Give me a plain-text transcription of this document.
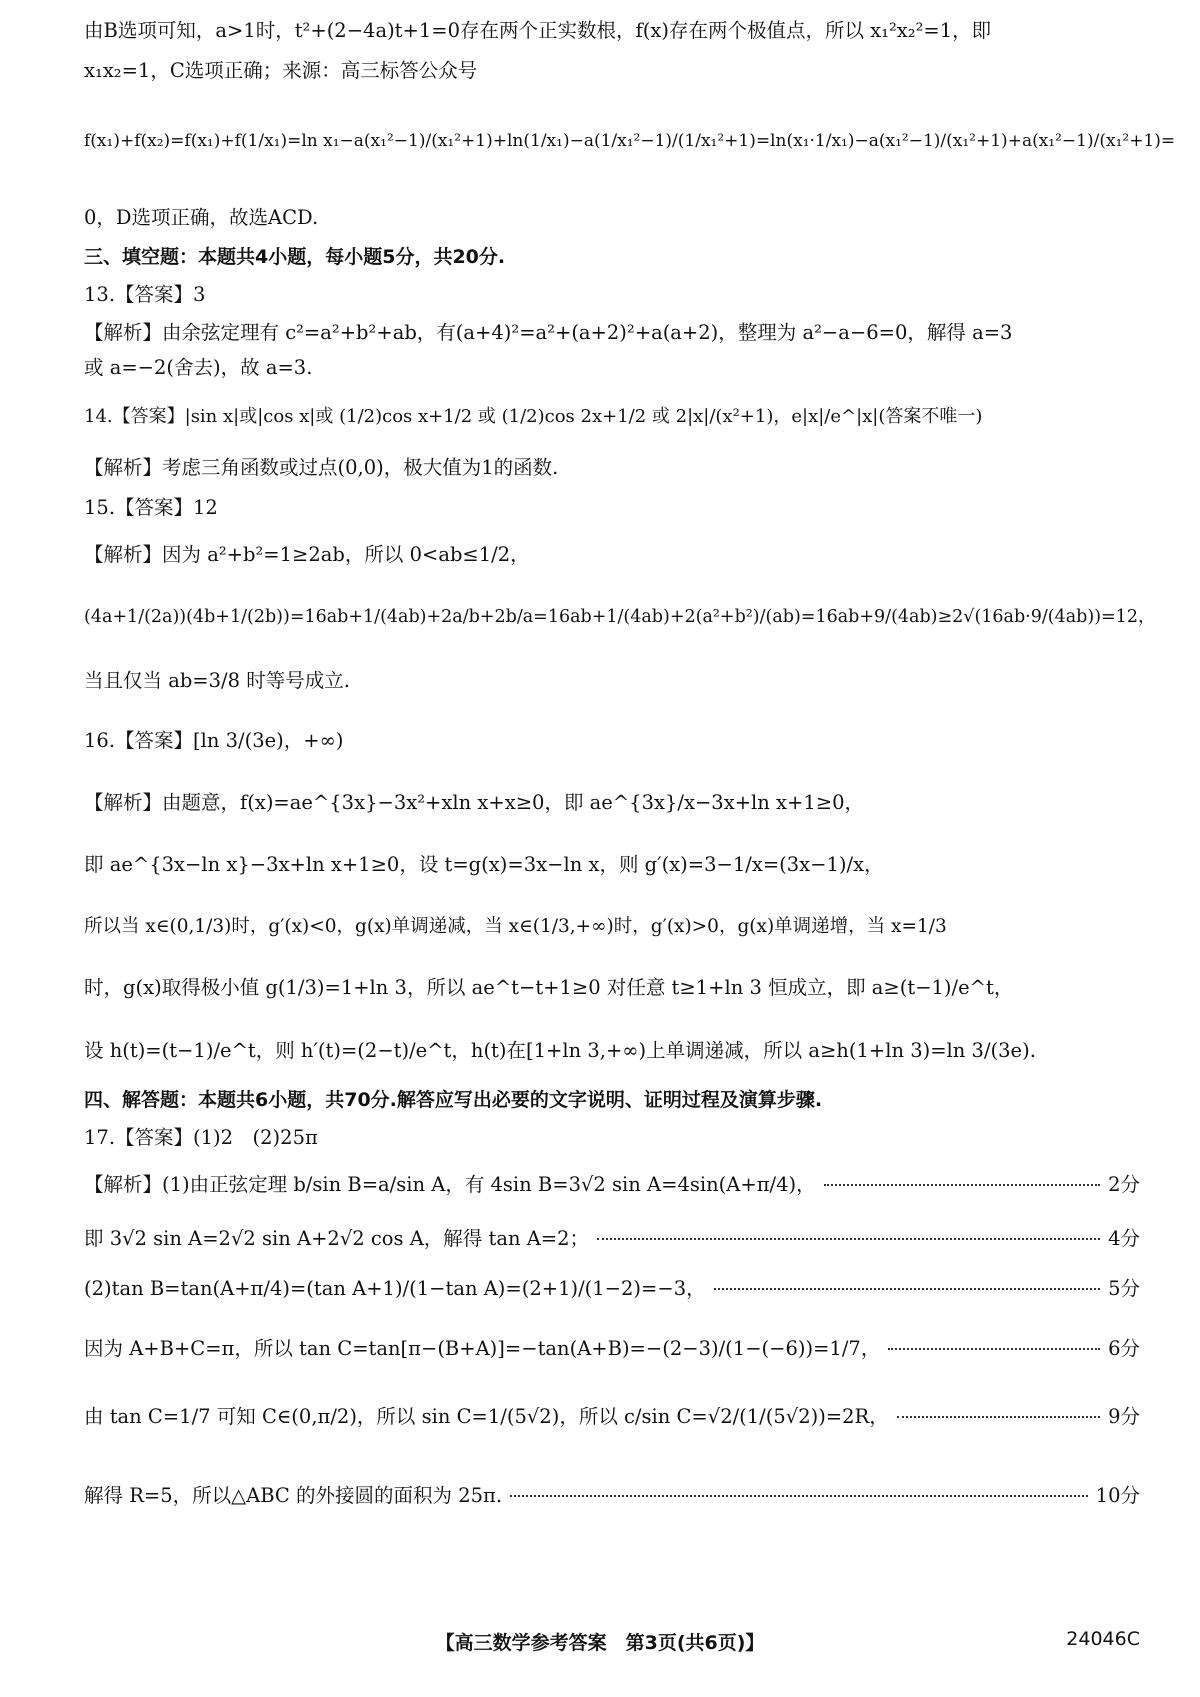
由B选项可知，a>1时，t²+(2−4a)t+1=0存在两个正实数根，f(x)存在两个极值点，所以 x₁²x₂²=1，即
x₁x₂=1，C选项正确；来源：高三标答公众号
f(x₁)+f(x₂)=f(x₁)+f(1/x₁)=ln x₁−a(x₁²−1)/(x₁²+1)+ln(1/x₁)−a(1/x₁²−1)/(1/x₁²+1)=ln(x₁·1/x₁)−a(x₁²−1)/(x₁²+1)+a(x₁²−1)/(x₁²+1)=
0，D选项正确，故选ACD.
三、填空题：本题共4小题，每小题5分，共20分.
13.【答案】3
【解析】由余弦定理有 c²=a²+b²+ab，有(a+4)²=a²+(a+2)²+a(a+2)，整理为 a²−a−6=0，解得 a=3
或 a=−2(舍去)，故 a=3.
14.【答案】|sin x|或|cos x|或 (1/2)cos x+1/2 或 (1/2)cos 2x+1/2 或 2|x|/(x²+1)，e|x|/e^|x|(答案不唯一)
【解析】考虑三角函数或过点(0,0)，极大值为1的函数.
15.【答案】12
【解析】因为 a²+b²=1≥2ab，所以 0<ab≤1/2，
(4a+1/(2a))(4b+1/(2b))=16ab+1/(4ab)+2a/b+2b/a=16ab+1/(4ab)+2(a²+b²)/(ab)=16ab+9/(4ab)≥2√(16ab·9/(4ab))=12，
当且仅当 ab=3/8 时等号成立.
16.【答案】[ln 3/(3e)，+∞)
【解析】由题意，f(x)=ae^{3x}−3x²+xln x+x≥0，即 ae^{3x}/x−3x+ln x+1≥0，
即 ae^{3x−ln x}−3x+ln x+1≥0，设 t=g(x)=3x−ln x，则 g′(x)=3−1/x=(3x−1)/x，
所以当 x∈(0,1/3)时，g′(x)<0，g(x)单调递减，当 x∈(1/3,+∞)时，g′(x)>0，g(x)单调递增，当 x=1/3
时，g(x)取得极小值 g(1/3)=1+ln 3，所以 ae^t−t+1≥0 对任意 t≥1+ln 3 恒成立，即 a≥(t−1)/e^t，
设 h(t)=(t−1)/e^t，则 h′(t)=(2−t)/e^t，h(t)在[1+ln 3,+∞)上单调递减，所以 a≥h(1+ln 3)=ln 3/(3e).
四、解答题：本题共6小题，共70分.解答应写出必要的文字说明、证明过程及演算步骤.
17.【答案】(1)2　(2)25π
【解析】(1)由正弦定理 b/sin B=a/sin A，有 4sin B=3√2 sin A=4sin(A+π/4)，	2分
即 3√2 sin A=2√2 sin A+2√2 cos A，解得 tan A=2；	4分
(2)tan B=tan(A+π/4)=(tan A+1)/(1−tan A)=(2+1)/(1−2)=−3，	5分
因为 A+B+C=π，所以 tan C=tan[π−(B+A)]=−tan(A+B)=−(2−3)/(1−(−6))=1/7，	6分
由 tan C=1/7 可知 C∈(0,π/2)，所以 sin C=1/(5√2)，所以 c/sin C=√2/(1/(5√2))=2R，	9分
解得 R=5，所以△ABC 的外接圆的面积为 25π.	10分
【高三数学参考答案　第3页(共6页)】	24046C
